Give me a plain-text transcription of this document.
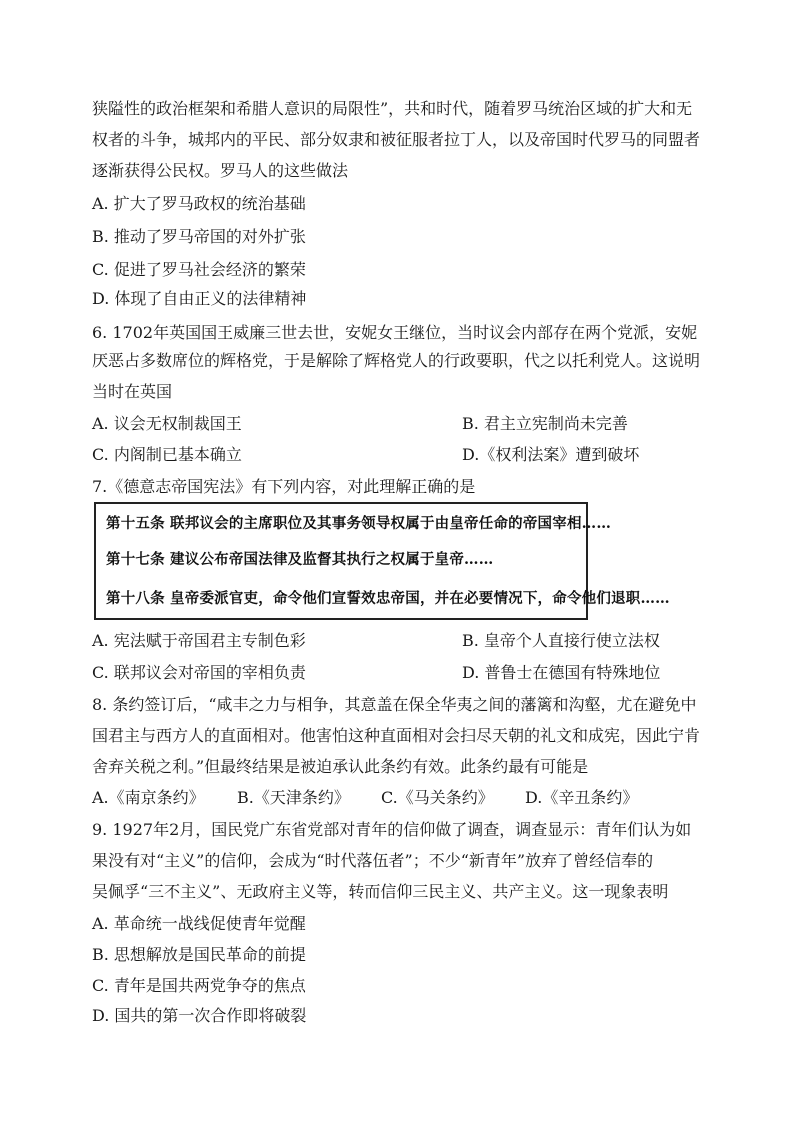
狭隘性的政治框架和希腊人意识的局限性”，共和时代，随着罗马统治区域的扩大和无
权者的斗争，城邦内的平民、部分奴隶和被征服者拉丁人，以及帝国时代罗马的同盟者
逐渐获得公民权。罗马人的这些做法
A. 扩大了罗马政权的统治基础
B. 推动了罗马帝国的对外扩张
C. 促进了罗马社会经济的繁荣
D. 体现了自由正义的法律精神
6. 1702年英国国王威廉三世去世，安妮女王继位，当时议会内部存在两个党派，安妮
厌恶占多数席位的辉格党，于是解除了辉格党人的行政要职，代之以托利党人。这说明
当时在英国
A. 议会无权制裁国王	B. 君主立宪制尚未完善
C. 内阁制已基本确立	D.《权利法案》遭到破坏
7.《德意志帝国宪法》有下列内容，对此理解正确的是
第十五条 联邦议会的主席职位及其事务领导权属于由皇帝任命的帝国宰相……
第十七条 建议公布帝国法律及监督其执行之权属于皇帝……
第十八条 皇帝委派官吏，命令他们宣誓效忠帝国，并在必要情况下，命令他们退职……
A. 宪法赋于帝国君主专制色彩	B. 皇帝个人直接行使立法权
C. 联邦议会对帝国的宰相负责	D. 普鲁士在德国有特殊地位
8. 条约签订后，“咸丰之力与相争，其意盖在保全华夷之间的藩篱和沟壑，尤在避免中
国君主与西方人的直面相对。他害怕这种直面相对会扫尽天朝的礼文和成宪，因此宁肯
舍弃关税之利。”但最终结果是被迫承认此条约有效。此条约最有可能是
A.《南京条约》 B.《天津条约》 C.《马关条约》 D.《辛丑条约》
9. 1927年2月，国民党广东省党部对青年的信仰做了调查，调查显示：青年们认为如
果没有对“主义”的信仰，会成为“时代落伍者”；不少“新青年”放弃了曾经信奉的
吴佩孚“三不主义”、无政府主义等，转而信仰三民主义、共产主义。这一现象表明
A. 革命统一战线促使青年觉醒
B. 思想解放是国民革命的前提
C. 青年是国共两党争夺的焦点
D. 国共的第一次合作即将破裂
